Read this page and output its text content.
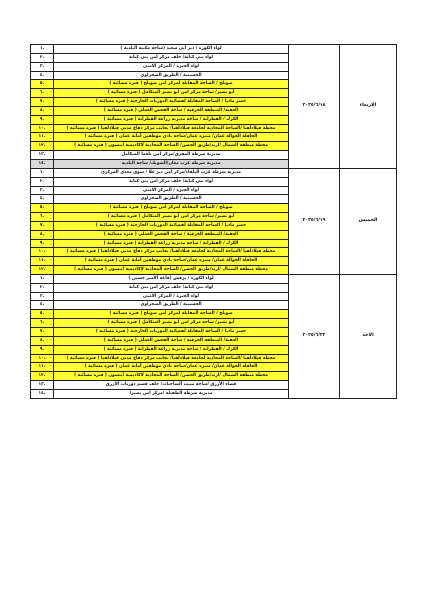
١.	لواء الكورة / دير أبي سعيد (ساحة مكتبة البلدية )	٢٠٢٥/٦/١٨	الاربعاء
٢.	لواء بني كنانة/ خلف مركز امن بني كنانة		
٣.	لواء الجيزة / المركز الامني		
٤.	الحسينية / الطريق الصحراوي		
٥.	صويلح / الساحة المقابلة لمركز امن صويلح ( فترة مسائية )		
٦.	أبو نصير/ ساحة مركز امن ابو نصير المتكامل ( فترة مسائية )		
٧.	جسر ماديا / الساحة المقابلة لقضائية الدوريات الخارجية ( فترة مسائية )		
٨.	العقبة/ المنطقة الحرفية / ساحة الفحص العملي ( فترة مسائية )		
٩.	الكرك / القطرانة / ساحة مديرية زراعة القطرانة ( فترة مسائية )		
١٠.	محطة فيلادلفيا /الساحة المحاذية لجامعة فيلادلفيا/ بجانب مركز دفاع مدني فيلادلفيا ( فترة مسائية )		
١١.	الحافلة الجوالة عمان/ متنزه عمان/ساحة نادي موظفين أمانة عمان ( فترة مسائية )		
١٢.	محطة منطقة الشمال /اربد/طريق الحصن/ الساحة المحاذية لاكاديمية ايبسون ( فترة مسائية )		
١٣.	مديرية شرطة المفرق/مركز امن بلعما المتكامل		
١٤.	مديرية شرطة غرب معان/الشوبك/ ساحة البلدية		
١.	مديرية شرطة غرب البلقاء/مركز امن دير علا / سوق معدي المركزي	٢٠٢٥/٦/١٩	الخميس
٢.	لواء بني كنانة/ خلف مركز امن بني كنانة		
٣.	لواء الجيزة / المركز الامني		
٤.	الحسينية / الطريق الصحراوي		
٥.	صويلح / الساحة المقابلة لمركز امن صويلح ( فترة مسائية )		
٦.	أبو نصير/ ساحة مركز امن ابو نصير المتكامل ( فترة مسائية )		
٧.	جسر ماديا / الساحة المقابلة لقضائية الدوريات الخارجية ( فترة مسائية )		
٨.	العقبة/ المنطقة الحرفية / ساحة الفحص العملي ( فترة مسائية )		
٩.	الكرك / القطرانة / ساحة مديرية زراعة القطرانة ( فترة مسائية )		
١٠.	محطة فيلادلفيا /الساحة المحاذية لجامعة فيلادلفيا/ بجانب مركز دفاع مدني فيلادلفيا ( فترة مسائية )		
١١.	الحافلة الجوالة عمان/ متنزه عمان/ساحة نادي موظفين أمانة عمان ( فترة مسائية )		
١٢.	محطة منطقة الشمال /اربد/طريق الحصن/ الساحة المحاذية لاكاديمية ايبسون ( فترة مسائية )		
١.	لواء الكورة / برقش (قاعة الامير حسين )	٢٠٢٥/٦/٢٢	الاحد
٢.	لواء بني كنانة/ خلف مركز امن بني كنانة		
٣.	لواء الجيزة / المركز الامني		
٤.	الحسينية / الطريق الصحراوي		
٥.	صويلح / الساحة المقابلة لمركز امن صويلح ( فترة مسائية )		
٦.	أبو نصير/ ساحة مركز امن ابو نصير المتكامل ( فترة مسائية )		
٧.	جسر ماديا / الساحة المقابلة لقضائية الدوريات الخارجية ( فترة مسائية )		
٨.	العقبة/ المنطقة الحرفية / ساحة الفحص العملي ( فترة مسائية )		
٩.	الكرك / القطرانة / ساحة مديرية زراعة القطرانة ( فترة مسائية )		
١٠.	محطة فيلادلفيا /الساحة المحاذية لجامعة فيلادلفيا/ بجانب مركز دفاع مدني فيلادلفيا ( فترة مسائية )		
١١.	الحافلة الجوالة عمان/ متنزه عمان/ساحة نادي موظفين أمانة عمان ( فترة مسائية )		
١٢.	محطة منطقة الشمال /اربد/طريق الحصن/ الساحة المحاذية لاكاديمية ايبسون ( فترة مسائية )		
١٣.	قضاء الأزرق /ساحة مبيت الشاحنات/ خلف قسم دوريات الأزرق		
١٤.	مديرية شرطة الطفيلة /مركز امن بصيرا		
